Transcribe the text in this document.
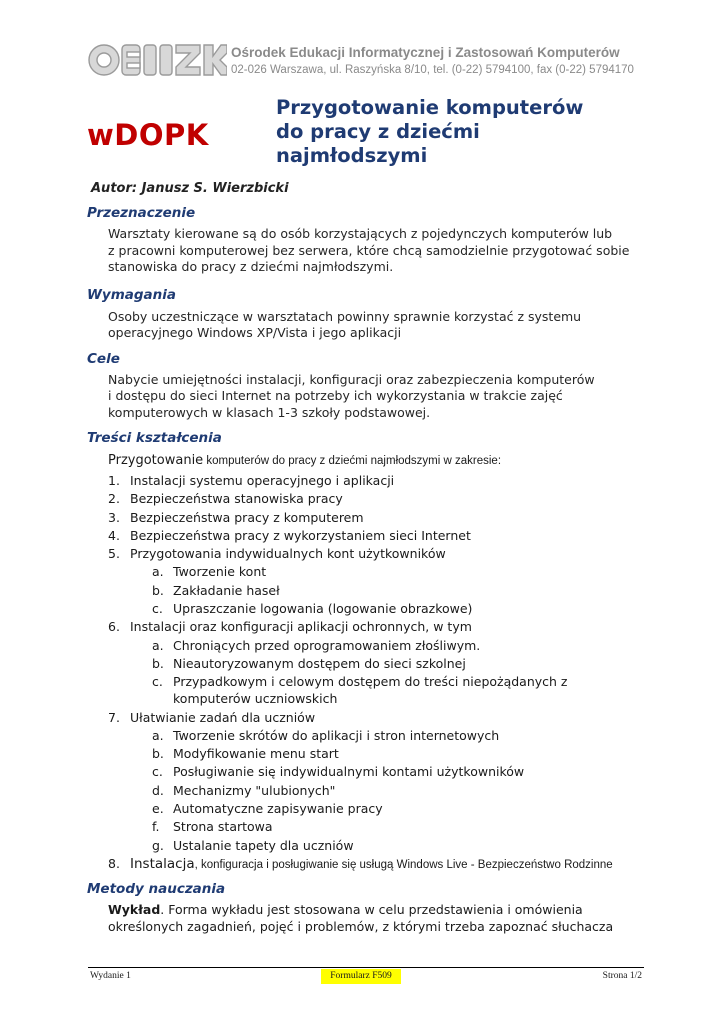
Ośrodek Edukacji Informatycznej i Zastosowań Komputerów
02-026 Warszawa, ul. Raszyńska 8/10, tel. (0-22) 5794100, fax (0-22) 5794170
wDOPK
Przygotowanie komputerów
do pracy z dziećmi
najmłodszymi
Autor: Janusz S. Wierzbicki
Przeznaczenie
Warsztaty kierowane są do osób korzystających z pojedynczych komputerów lub
z pracowni komputerowej bez serwera, które chcą samodzielnie przygotować sobie
stanowiska do pracy z dziećmi najmłodszymi.
Wymagania
Osoby uczestniczące w warsztatach powinny sprawnie korzystać z systemu
operacyjnego Windows XP/Vista i jego aplikacji
Cele
Nabycie umiejętności instalacji, konfiguracji oraz zabezpieczenia komputerów
i dostępu do sieci Internet na potrzeby ich wykorzystania w trakcie zajęć
komputerowych w klasach 1-3 szkoły podstawowej.
Treści kształcenia
Przygotowanie komputerów do pracy z dziećmi najmłodszymi w zakresie:
1. Instalacji systemu operacyjnego i aplikacji
2. Bezpieczeństwa stanowiska pracy
3. Bezpieczeństwa pracy z komputerem
4. Bezpieczeństwa pracy z wykorzystaniem sieci Internet
5. Przygotowania indywidualnych kont użytkowników
a. Tworzenie kont
b. Zakładanie haseł
c. Upraszczanie logowania (logowanie obrazkowe)
6. Instalacji oraz konfiguracji aplikacji ochronnych, w tym
a. Chroniących przed oprogramowaniem złośliwym.
b. Nieautoryzowanym dostępem do sieci szkolnej
c. Przypadkowym i celowym dostępem do treści niepożądanych z
komputerów uczniowskich
7. Ułatwianie zadań dla uczniów
a. Tworzenie skrótów do aplikacji i stron internetowych
b. Modyfikowanie menu start
c. Posługiwanie się indywidualnymi kontami użytkowników
d. Mechanizmy "ulubionych"
e. Automatyczne zapisywanie pracy
f. Strona startowa
g. Ustalanie tapety dla uczniów
8. Instalacja, konfiguracja i posługiwanie się usługą Windows Live - Bezpieczeństwo Rodzinne
Metody nauczania
Wykład. Forma wykładu jest stosowana w celu przedstawienia i omówienia
określonych zagadnień, pojęć i problemów, z którymi trzeba zapoznać słuchacza
Wydanie 1	Formularz F509	Strona 1/2
